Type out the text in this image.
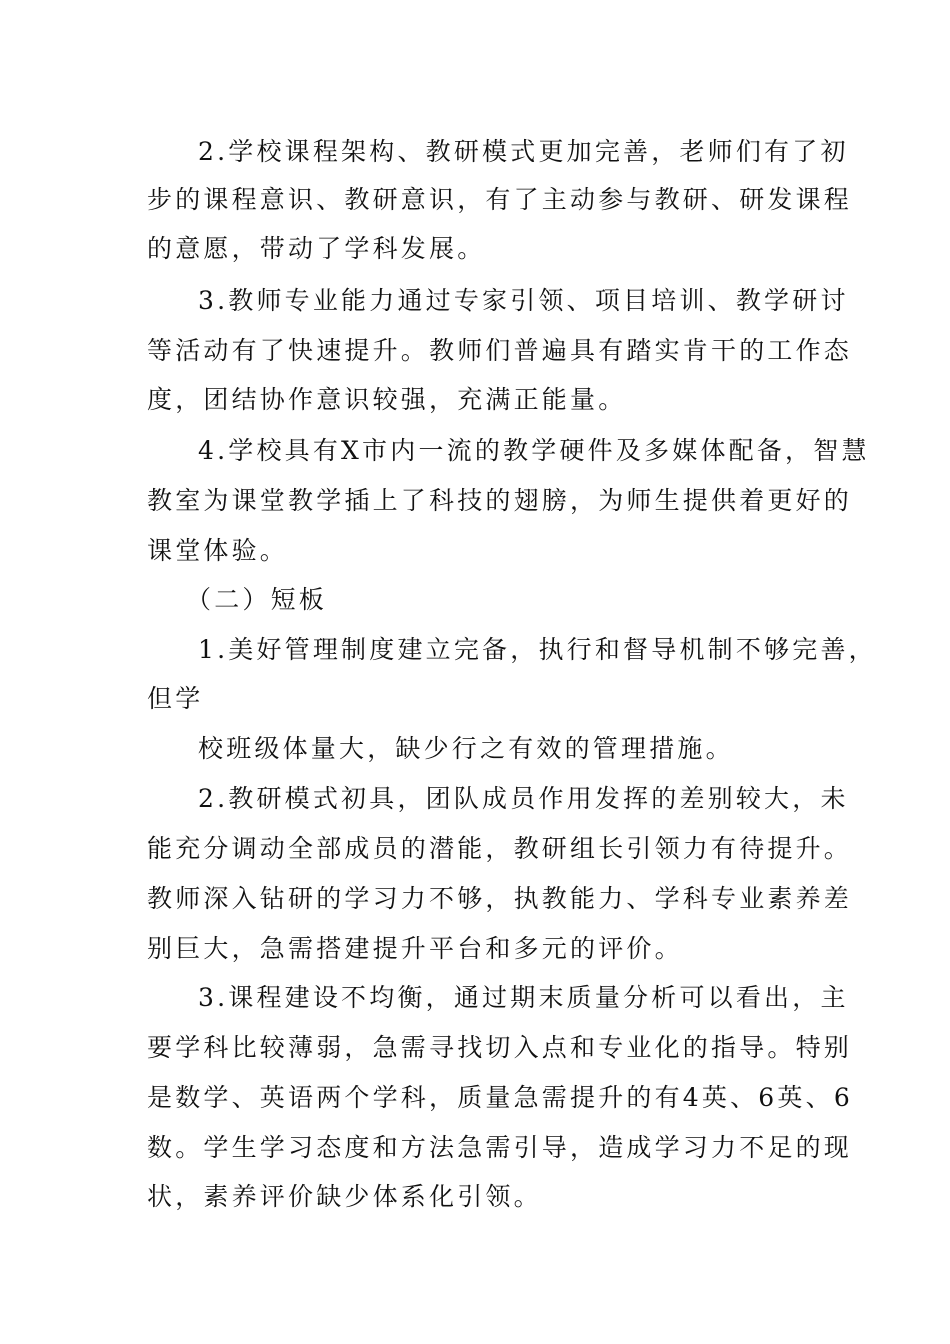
2.学校课程架构、教研模式更加完善，老师们有了初
步的课程意识、教研意识，有了主动参与教研、研发课程
的意愿，带动了学科发展。
3.教师专业能力通过专家引领、项目培训、教学研讨
等活动有了快速提升。教师们普遍具有踏实肯干的工作态
度，团结协作意识较强，充满正能量。
4.学校具有X市内一流的教学硬件及多媒体配备，智慧
教室为课堂教学插上了科技的翅膀，为师生提供着更好的
课堂体验。
（二）短板
1.美好管理制度建立完备，执行和督导机制不够完善，
但学
校班级体量大，缺少行之有效的管理措施。
2.教研模式初具，团队成员作用发挥的差别较大，未
能充分调动全部成员的潜能，教研组长引领力有待提升。
教师深入钻研的学习力不够，执教能力、学科专业素养差
别巨大，急需搭建提升平台和多元的评价。
3.课程建设不均衡，通过期末质量分析可以看出，主
要学科比较薄弱，急需寻找切入点和专业化的指导。特别
是数学、英语两个学科，质量急需提升的有4英、6英、6
数。学生学习态度和方法急需引导，造成学习力不足的现
状，素养评价缺少体系化引领。
